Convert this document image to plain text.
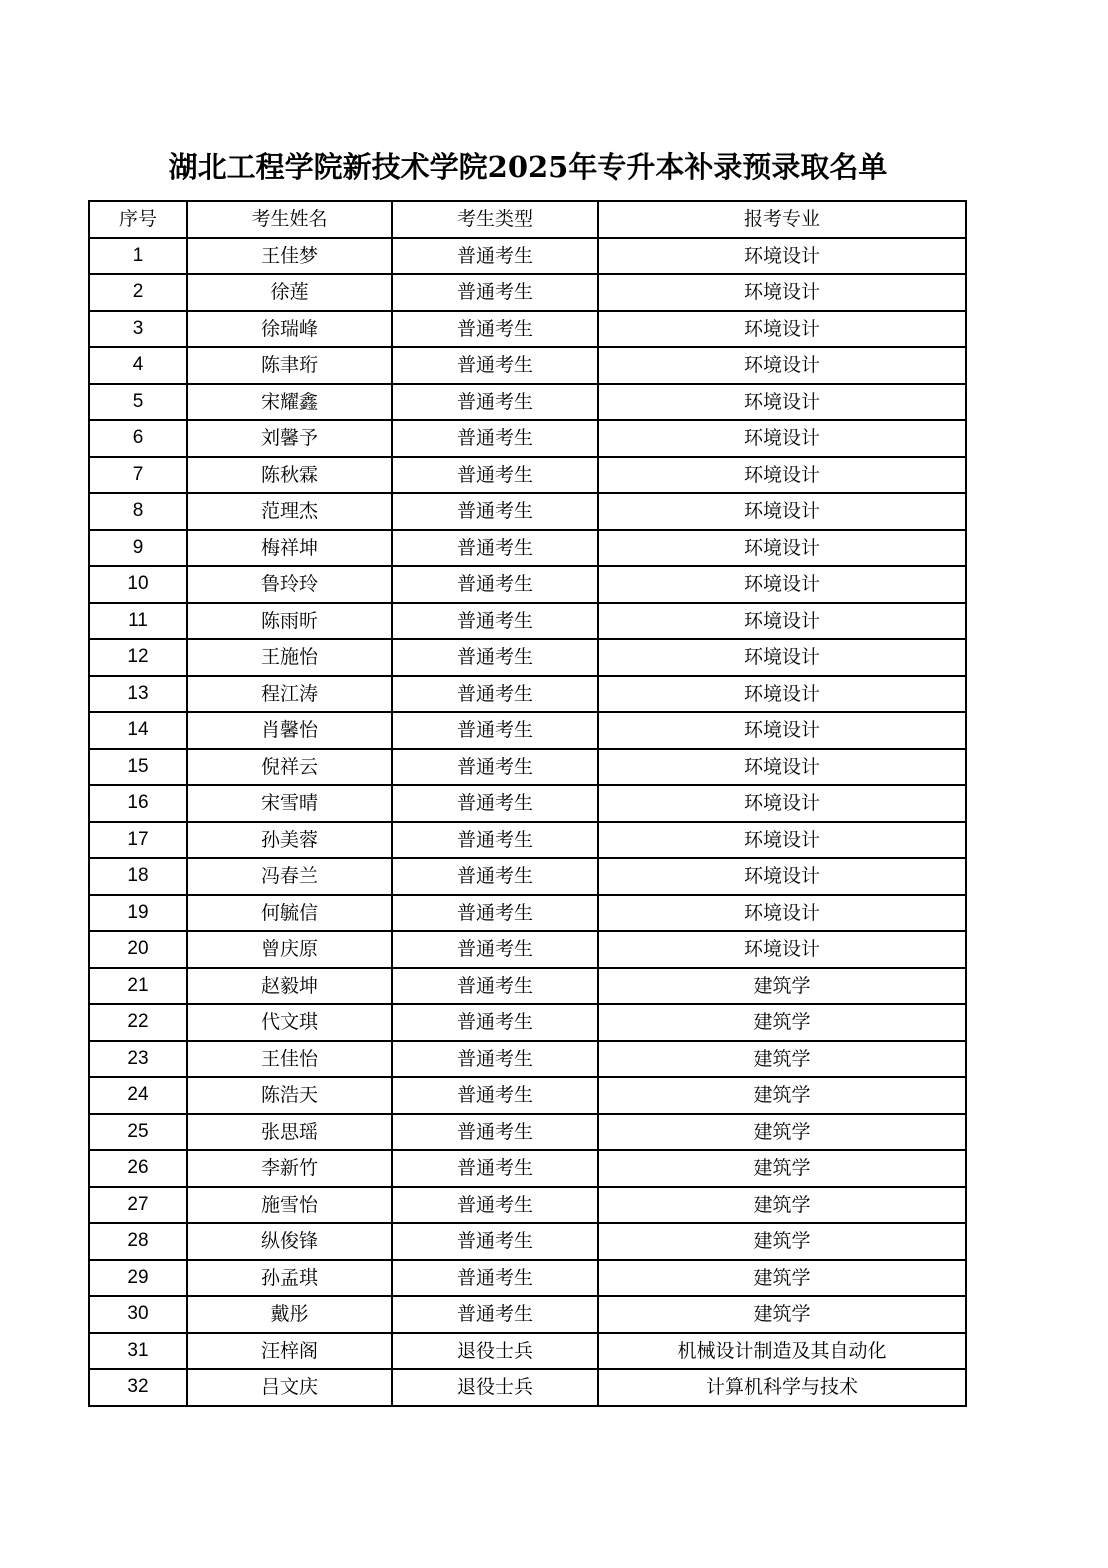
湖北工程学院新技术学院2025年专升本补录预录取名单
序号	考生姓名	考生类型	报考专业
1	王佳梦	普通考生	环境设计
2	徐莲	普通考生	环境设计
3	徐瑞峰	普通考生	环境设计
4	陈聿珩	普通考生	环境设计
5	宋耀鑫	普通考生	环境设计
6	刘馨予	普通考生	环境设计
7	陈秋霖	普通考生	环境设计
8	范理杰	普通考生	环境设计
9	梅祥坤	普通考生	环境设计
10	鲁玲玲	普通考生	环境设计
11	陈雨昕	普通考生	环境设计
12	王施怡	普通考生	环境设计
13	程江涛	普通考生	环境设计
14	肖馨怡	普通考生	环境设计
15	倪祥云	普通考生	环境设计
16	宋雪晴	普通考生	环境设计
17	孙美蓉	普通考生	环境设计
18	冯春兰	普通考生	环境设计
19	何毓信	普通考生	环境设计
20	曾庆原	普通考生	环境设计
21	赵毅坤	普通考生	建筑学
22	代文琪	普通考生	建筑学
23	王佳怡	普通考生	建筑学
24	陈浩天	普通考生	建筑学
25	张思瑶	普通考生	建筑学
26	李新竹	普通考生	建筑学
27	施雪怡	普通考生	建筑学
28	纵俊锋	普通考生	建筑学
29	孙孟琪	普通考生	建筑学
30	戴彤	普通考生	建筑学
31	汪梓阁	退役士兵	机械设计制造及其自动化
32	吕文庆	退役士兵	计算机科学与技术
